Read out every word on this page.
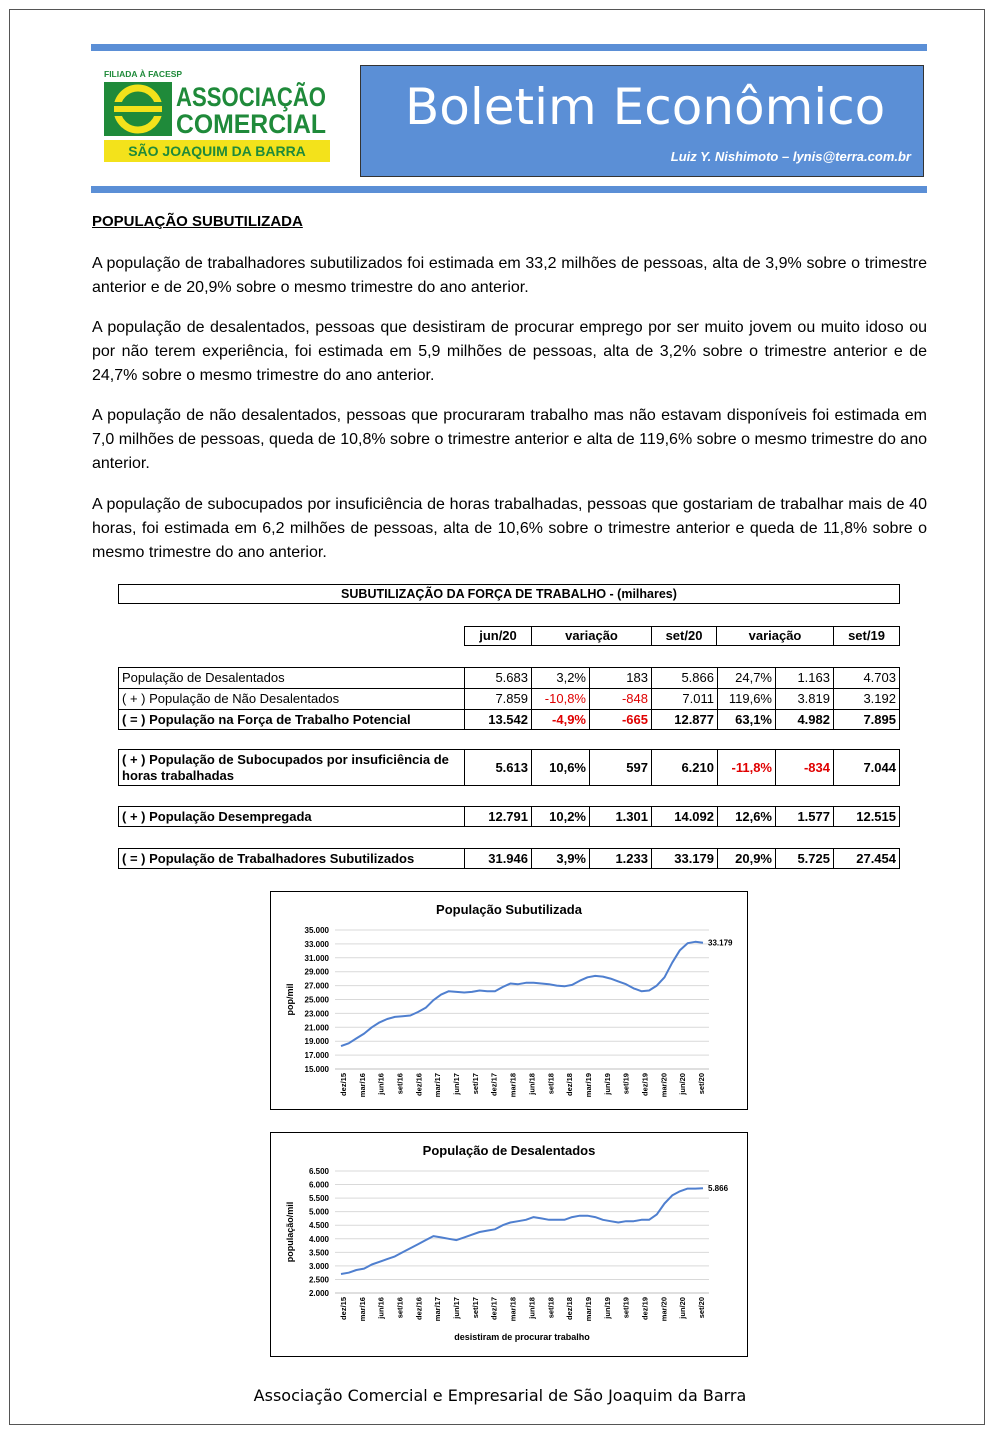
FILIADA À FACESP
ASSOCIAÇÃO
COMERCIAL
SÃO JOAQUIM DA BARRA
Boletim Econômico
Luiz Y. Nishimoto – lynis@terra.com.br
POPULAÇÃO SUBUTILIZADA

A população de trabalhadores subutilizados foi estimada em 33,2 milhões de pessoas, alta de 3,9% sobre o trimestre anterior e de 20,9% sobre o mesmo trimestre do ano anterior.

A população de desalentados, pessoas que desistiram de procurar emprego por ser muito jovem ou muito idoso ou por não terem experiência, foi estimada em 5,9 milhões de pessoas, alta de 3,2% sobre o trimestre anterior e de 24,7% sobre o mesmo trimestre do ano anterior.

A população de não desalentados, pessoas que procuraram trabalho mas não estavam disponíveis foi estimada em 7,0 milhões de pessoas, queda de 10,8% sobre o trimestre anterior e alta de 119,6% sobre o mesmo trimestre do ano anterior.

A população de subocupados por insuficiência de horas trabalhadas, pessoas que gostariam de trabalhar mais de 40 horas, foi estimada em 6,2 milhões de pessoas, alta de 10,6% sobre o trimestre anterior e queda de 11,8% sobre o mesmo trimestre do ano anterior.

SUBUTILIZAÇÃO DA FORÇA DE TRABALHO - (milhares)
jun/20	variação	set/20	variação	set/19
População de Desalentados	5.683	3,2%	183	5.866	24,7%	1.163	4.703
( + ) População de Não Desalentados	7.859	-10,8%	-848	7.011	119,6%	3.819	3.192
( = ) População na Força de Trabalho Potencial	13.542	-4,9%	-665	12.877	63,1%	4.982	7.895
( + ) População de Subocupados por insuficiência de horas trabalhadas	5.613	10,6%	597	6.210	-11,8%	-834	7.044
( + ) População Desempregada	12.791	10,2%	1.301	14.092	12,6%	1.577	12.515
( = ) População de Trabalhadores Subutilizados	31.946	3,9%	1.233	33.179	20,9%	5.725	27.454
População Subutilizada
15.000
17.000
19.000
21.000
23.000
25.000
27.000
29.000
31.000
33.000
35.000
dez/15 mar/16 jun/16 set/16 dez/16 mar/17 jun/17 set/17 dez/17 mar/18 jun/18 set/18 dez/18 mar/19 jun/19 set/19 dez/19 mar/20 jun/20 set/20
pop/mil
33.179
População de Desalentados
2.000
2.500
3.000
3.500
4.000
4.500
5.000
5.500
6.000
6.500
dez/15 mar/16 jun/16 set/16 dez/16 mar/17 jun/17 set/17 dez/17 mar/18 jun/18 set/18 dez/18 mar/19 jun/19 set/19 dez/19 mar/20 jun/20 set/20
população/mil
desistiram de procurar trabalho
5.866
Associação Comercial e Empresarial de São Joaquim da Barra
